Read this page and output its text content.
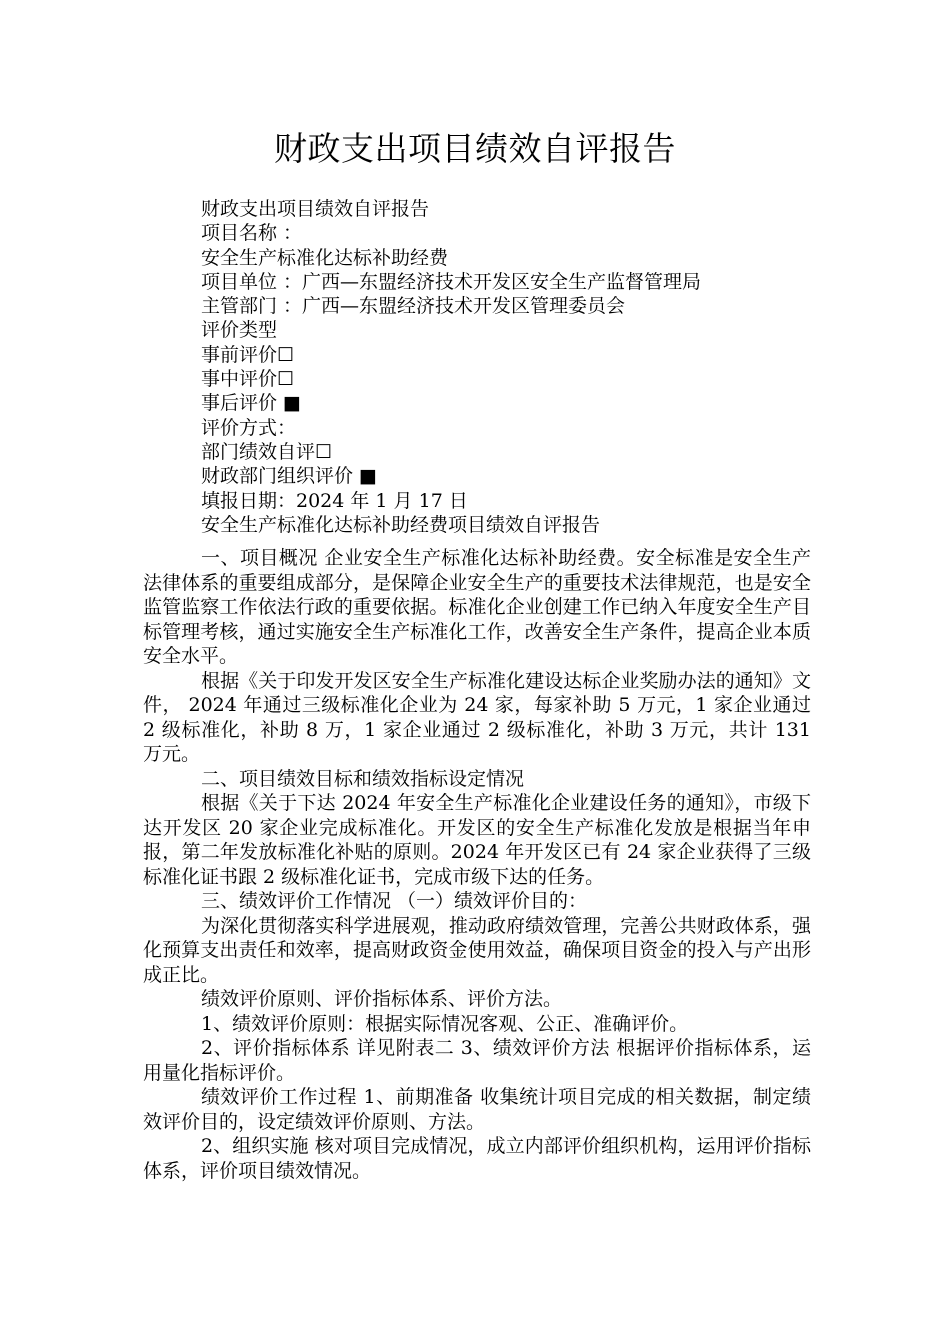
财政支出项目绩效自评报告
财政支出项目绩效自评报告
项目名称 ：
安全生产标准化达标补助经费
项目单位 ：广西—东盟经济技术开发区安全生产监督管理局
主管部门 ：广西—东盟经济技术开发区管理委员会
评价类型
事前评价☐
事中评价☐
事后评价 ■
评价方式：
部门绩效自评☐
财政部门组织评价 ■
填报日期：2024 年 1 月 17 日
安全生产标准化达标补助经费项目绩效自评报告

一、项目概况 企业安全生产标准化达标补助经费。安全标准是安全生产法律体系的重要组成部分，是保障企业安全生产的重要技术法律规范，也是安全监管监察工作依法行政的重要依据。标准化企业创建工作已纳入年度安全生产目标管理考核，通过实施安全生产标准化工作，改善安全生产条件，提高企业本质安全水平。

根据《关于印发开发区安全生产标准化建设达标企业奖励办法的通知》文件， 2024 年通过三级标准化企业为 24 家，每家补助 5 万元，1 家企业通过 2 级标准化，补助 8 万，1 家企业通过 2 级标准化，补助 3 万元，共计 131 万元。

二、项目绩效目标和绩效指标设定情况

根据《关于下达 2024 年安全生产标准化企业建设任务的通知》，市级下达开发区 20 家企业完成标准化。开发区的安全生产标准化发放是根据当年申报，第二年发放标准化补贴的原则。2024 年开发区已有 24 家企业获得了三级标准化证书跟 2 级标准化证书，完成市级下达的任务。

三、绩效评价工作情况 （一）绩效评价目的：

为深化贯彻落实科学进展观，推动政府绩效管理，完善公共财政体系，强化预算支出责任和效率，提高财政资金使用效益，确保项目资金的投入与产出形成正比。

绩效评价原则、评价指标体系、评价方法。

1、绩效评价原则：根据实际情况客观、公正、准确评价。

2、评价指标体系 详见附表二 3、绩效评价方法 根据评价指标体系，运用量化指标评价。

绩效评价工作过程 1、前期准备 收集统计项目完成的相关数据，制定绩效评价目的，设定绩效评价原则、方法。

2、组织实施 核对项目完成情况，成立内部评价组织机构，运用评价指标体系，评价项目绩效情况。
